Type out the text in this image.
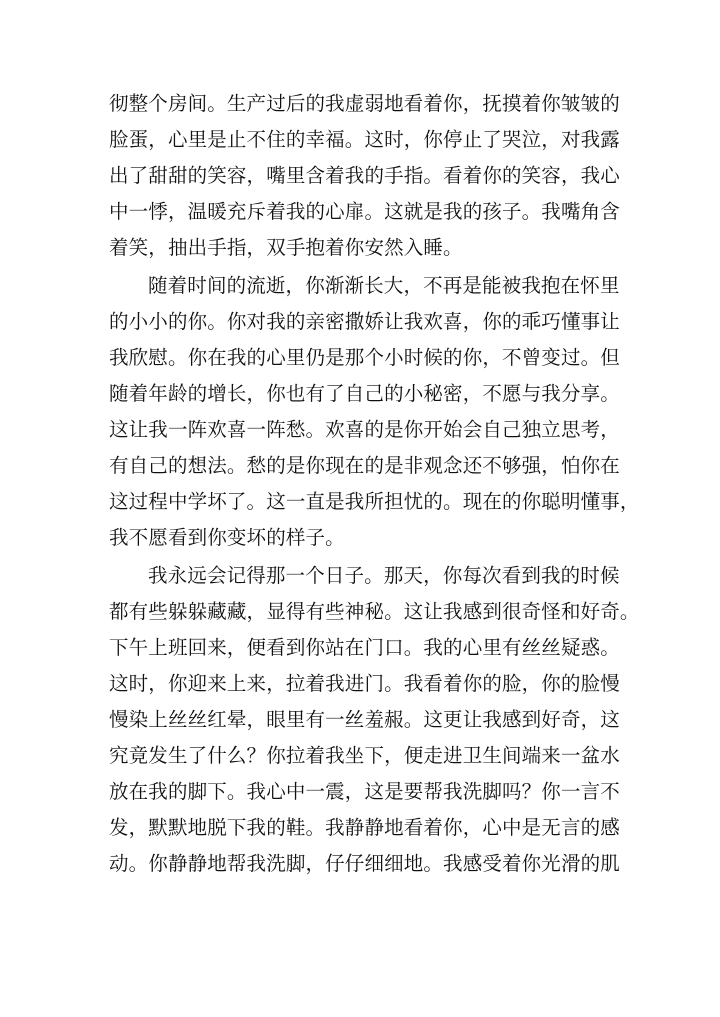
彻整个房间。生产过后的我虚弱地看着你，抚摸着你皱皱的
脸蛋，心里是止不住的幸福。这时，你停止了哭泣，对我露
出了甜甜的笑容，嘴里含着我的手指。看着你的笑容，我心
中一悸，温暖充斥着我的心扉。这就是我的孩子。我嘴角含
着笑，抽出手指，双手抱着你安然入睡。

随着时间的流逝，你渐渐长大，不再是能被我抱在怀里
的小小的你。你对我的亲密撒娇让我欢喜，你的乖巧懂事让
我欣慰。你在我的心里仍是那个小时候的你，不曾变过。但
随着年龄的增长，你也有了自己的小秘密，不愿与我分享。
这让我一阵欢喜一阵愁。欢喜的是你开始会自己独立思考，
有自己的想法。愁的是你现在的是非观念还不够强，怕你在
这过程中学坏了。这一直是我所担忧的。现在的你聪明懂事，
我不愿看到你变坏的样子。

我永远会记得那一个日子。那天，你每次看到我的时候
都有些躲躲藏藏，显得有些神秘。这让我感到很奇怪和好奇。
下午上班回来，便看到你站在门口。我的心里有丝丝疑惑。
这时，你迎来上来，拉着我进门。我看着你的脸，你的脸慢
慢染上丝丝红晕，眼里有一丝羞赧。这更让我感到好奇，这
究竟发生了什么？你拉着我坐下，便走进卫生间端来一盆水
放在我的脚下。我心中一震，这是要帮我洗脚吗？你一言不
发，默默地脱下我的鞋。我静静地看着你，心中是无言的感
动。你静静地帮我洗脚，仔仔细细地。我感受着你光滑的肌
